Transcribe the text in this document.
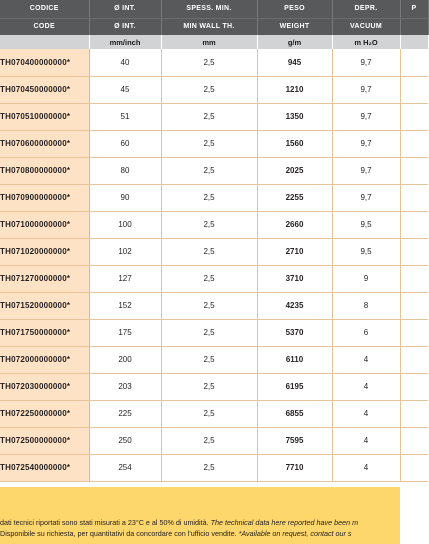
CODICE	Ø INT.	SPESS. MIN.	PESO	DEPR.	P
CODE	Ø INT.	MIN WALL TH.	WEIGHT	VACUUM	
	mm/inch	mm	g/m	m H₂O	
TH070400000000*	40	2,5	945	9,7	
TH070450000000*	45	2,5	1210	9,7	
TH070510000000*	51	2,5	1350	9,7	
TH070600000000*	60	2,5	1560	9,7	
TH070800000000*	80	2,5	2025	9,7	
TH070900000000*	90	2,5	2255	9,7	
TH071000000000*	100	2,5	2660	9,5	
TH071020000000*	102	2,5	2710	9,5	
TH071270000000*	127	2,5	3710	9	
TH071520000000*	152	2,5	4235	8	
TH071750000000*	175	2,5	5370	6	
TH072000000000*	200	2,5	6110	4	
TH072030000000*	203	2,5	6195	4	
TH072250000000*	225	2,5	6855	4	
TH072500000000*	250	2,5	7595	4	
TH072540000000*	254	2,5	7710	4	
dati tecnici riportati sono stati misurati a 23°C e al 50% di umidità. The technical data here reported have been m
Disponibile su richiesta, per quantitativi da concordare con l'ufficio vendite. *Available on request, contact our s
